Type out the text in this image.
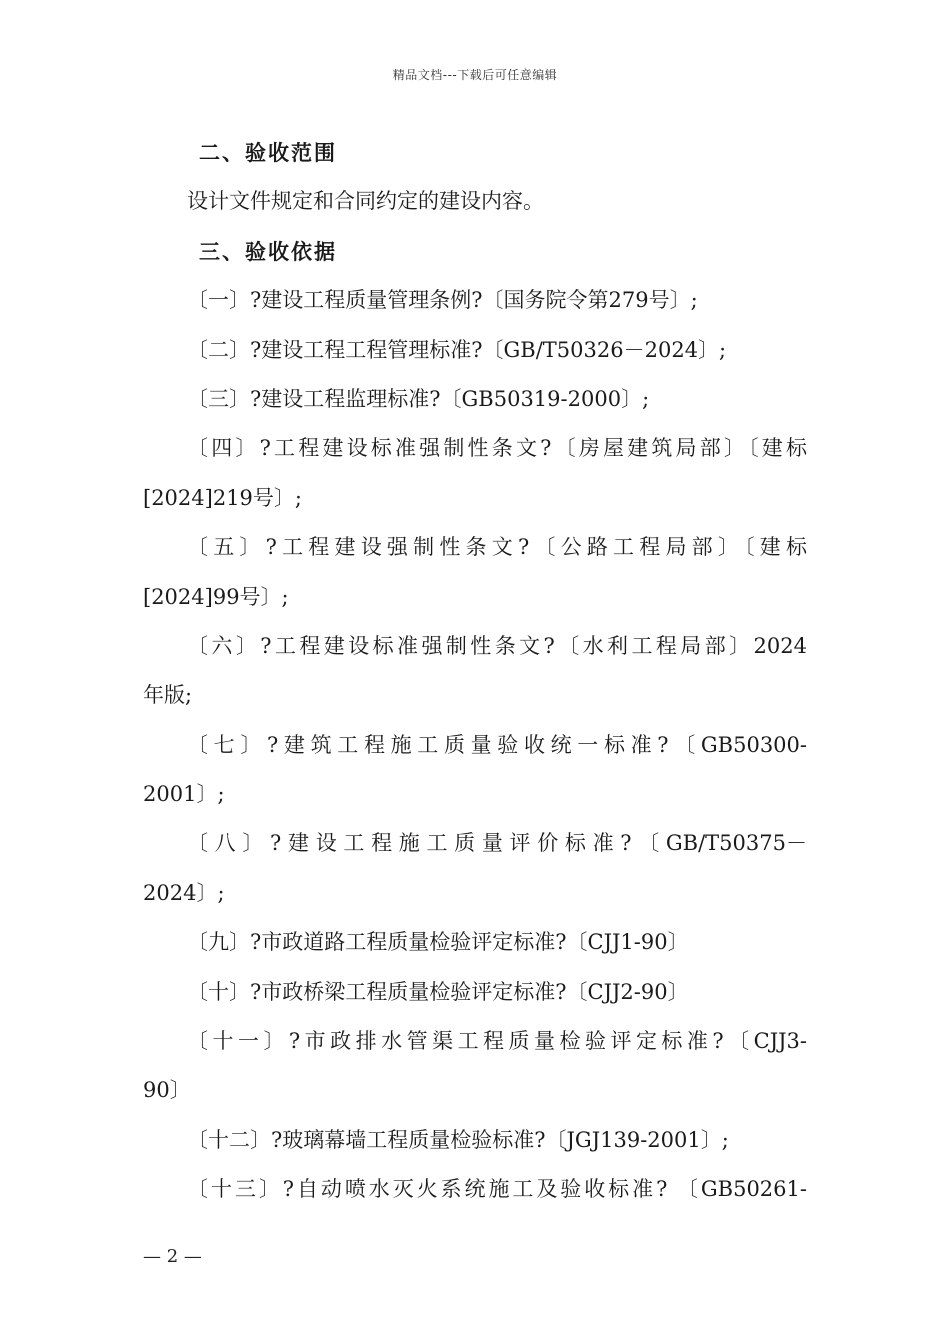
精品文档---下载后可任意编辑
二、验收范围
设计文件规定和合同约定的建设内容。
三、验收依据
〔一〕?建设工程质量管理条例?〔国务院令第279号〕;
〔二〕?建设工程工程管理标准?〔GB/T50326－2024〕;
〔三〕?建设工程监理标准?〔GB50319-2000〕;
〔四〕?工程建设标准强制性条文?〔房屋建筑局部〕〔建标
[2024]219号〕;
〔五〕?工程建设强制性条文?〔公路工程局部〕〔建标
[2024]99号〕;
〔六〕?工程建设标准强制性条文?〔水利工程局部〕2024
年版;
〔七〕?建筑工程施工质量验收统一标准?〔GB50300-
2001〕;
〔八〕?建设工程施工质量评价标准?〔GB/T50375－
2024〕;
〔九〕?市政道路工程质量检验评定标准?〔CJJ1-90〕
〔十〕?市政桥梁工程质量检验评定标准?〔CJJ2-90〕
〔十一〕?市政排水管渠工程质量检验评定标准?〔CJJ3-
90〕
〔十二〕?玻璃幕墙工程质量检验标准?〔JGJ139-2001〕;
〔十三〕?自动喷水灭火系统施工及验收标准? 〔GB50261-
— 2 —
